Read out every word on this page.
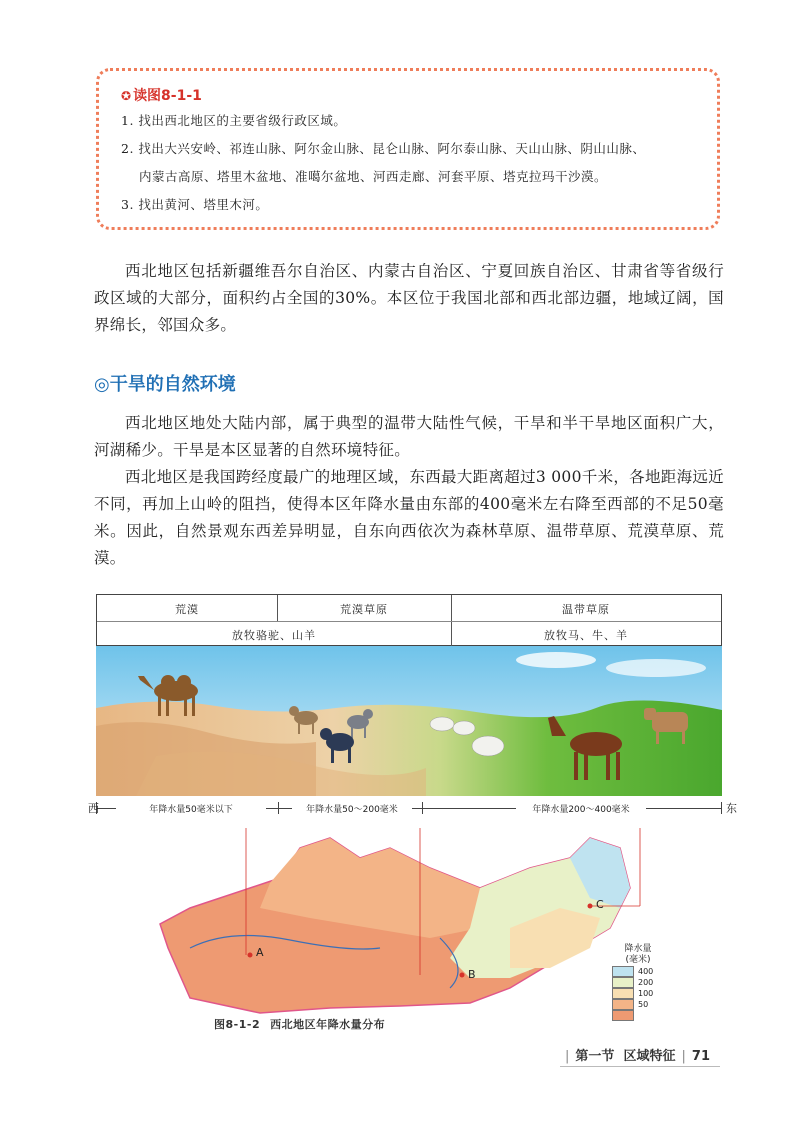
✪ 读图8-1-1
1. 找出西北地区的主要省级行政区域。
2. 找出大兴安岭、祁连山脉、阿尔金山脉、昆仑山脉、阿尔泰山脉、天山山脉、阴山山脉、
内蒙古高原、塔里木盆地、准噶尔盆地、河西走廊、河套平原、塔克拉玛干沙漠。
3. 找出黄河、塔里木河。
西北地区包括新疆维吾尔自治区、内蒙古自治区、宁夏回族自治区、甘肃省等省级行政区域的大部分，面积约占全国的30%。本区位于我国北部和西北部边疆，地域辽阔，国界绵长，邻国众多。
◎干旱的自然环境
西北地区地处大陆内部，属于典型的温带大陆性气候，干旱和半干旱地区面积广大，河湖稀少。干旱是本区显著的自然环境特征。
西北地区是我国跨经度最广的地理区域，东西最大距离超过3 000千米，各地距海远近不同，再加上山岭的阻挡，使得本区年降水量由东部的400毫米左右降至西部的不足50毫米。因此，自然景观东西差异明显，自东向西依次为森林草原、温带草原、荒漠草原、荒漠。
荒漠	荒漠草原	温带草原
放牧骆驼、山羊	放牧马、牛、羊
年降水量50毫米以下	年降水量50～200毫米	年降水量200～400毫米
西	东
A
B
C
降水量
(毫米)
400
200
100
50
图8-1-2 西北地区年降水量分布
| 第一节 区域特征 | 71
